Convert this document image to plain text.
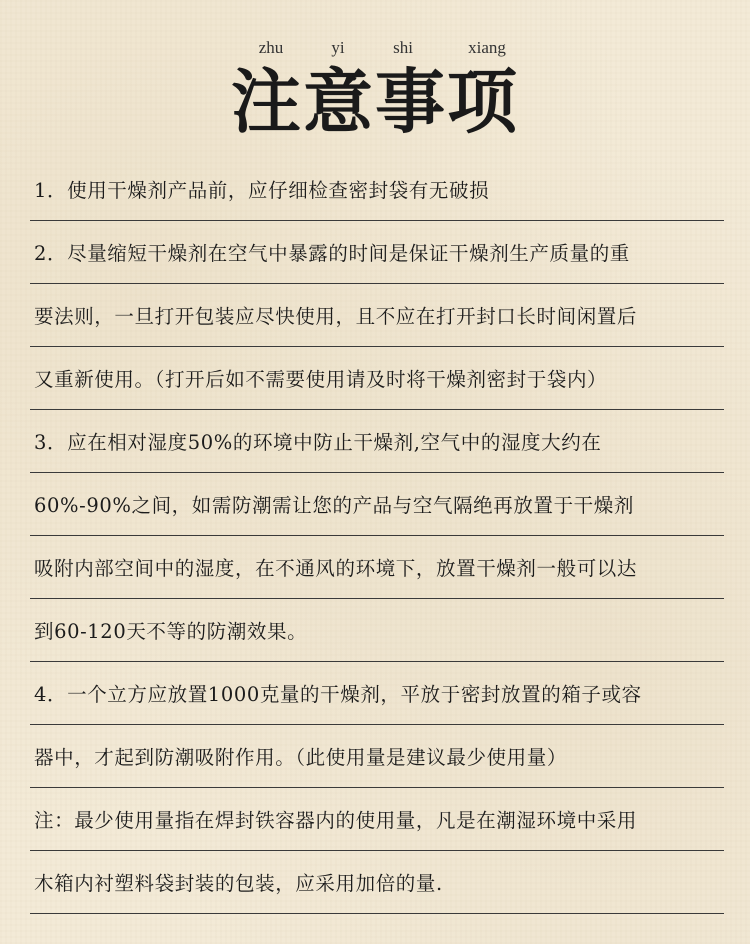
zhu	yi	shi	xiang
注意事项
1．使用干燥剂产品前，应仔细检查密封袋有无破损
2．尽量缩短干燥剂在空气中暴露的时间是保证干燥剂生产质量的重
要法则，一旦打开包装应尽快使用，且不应在打开封口长时间闲置后
又重新使用。（打开后如不需要使用请及时将干燥剂密封于袋内）
3．应在相对湿度50%的环境中防止干燥剂,空气中的湿度大约在
60%-90%之间，如需防潮需让您的产品与空气隔绝再放置于干燥剂
吸附内部空间中的湿度，在不通风的环境下，放置干燥剂一般可以达
到60-120天不等的防潮效果。
4．一个立方应放置1000克量的干燥剂，平放于密封放置的箱子或容
器中，才起到防潮吸附作用。（此使用量是建议最少使用量）
注：最少使用量指在焊封铁容器内的使用量，凡是在潮湿环境中采用
木箱内衬塑料袋封装的包装，应采用加倍的量.
